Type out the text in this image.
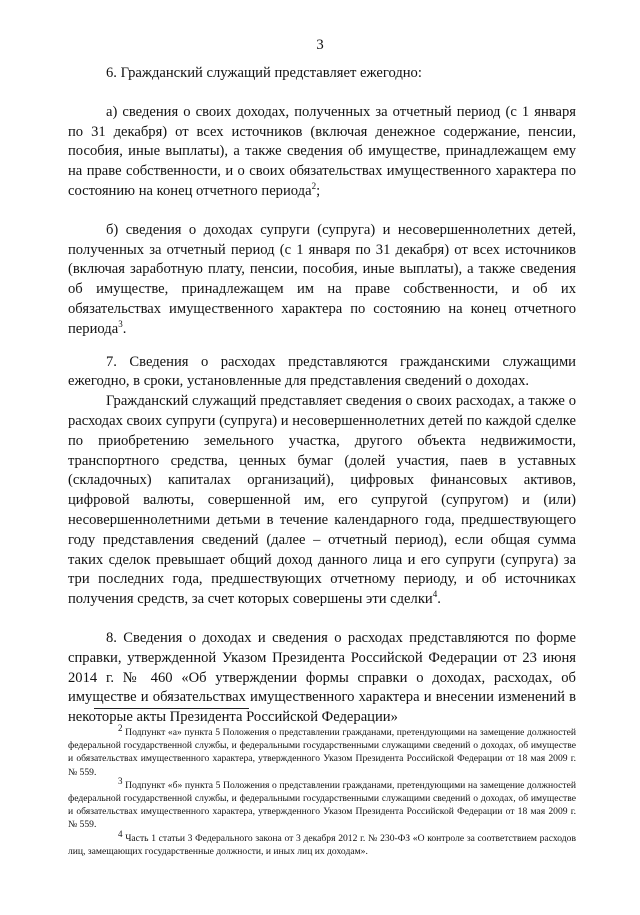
3

6. Гражданский служащий представляет ежегодно:

а) сведения о своих доходах, полученных за отчетный период (с 1 января по 31 декабря) от всех источников (включая денежное содержание, пенсии, пособия, иные выплаты), а также сведения об имуществе, принадлежащем ему на праве собственности, и о своих обязательствах имущественного характера по состоянию на конец отчетного периода$^2$;

б) сведения о доходах супруги (супруга) и несовершеннолетних детей, полученных за отчетный период (с 1 января по 31 декабря) от всех источников (включая заработную плату, пенсии, пособия, иные выплаты), а также сведения об имуществе, принадлежащем им на праве собственности, и об их обязательствах имущественного характера по состоянию на конец отчетного периода$^3$.

7. Сведения о расходах представляются гражданскими служащими ежегодно, в сроки, установленные для представления сведений о доходах.

Гражданский служащий представляет сведения о своих расходах, а также о расходах своих супруги (супруга) и несовершеннолетних детей по каждой сделке по приобретению земельного участка, другого объекта недвижимости, транспортного средства, ценных бумаг (долей участия, паев в уставных (складочных) капиталах организаций), цифровых финансовых активов, цифровой валюты, совершенной им, его супругой (супругом) и (или) несовершеннолетними детьми в течение календарного года, предшествующего году представления сведений (далее – отчетный период), если общая сумма таких сделок превышает общий доход данного лица и его супруги (супруга) за три последних года, предшествующих отчетному периоду, и об источниках получения средств, за счет которых совершены эти сделки$^4$.

8. Сведения о доходах и сведения о расходах представляются по форме справки, утвержденной Указом Президента Российской Федерации от 23 июня 2014 г. № 460 «Об утверждении формы справки о доходах, расходах, об имуществе и обязательствах имущественного характера и внесении изменений в некоторые акты Президента Российской Федерации»

$^2$ Подпункт «а» пункта 5 Положения о представлении гражданами, претендующими на замещение должностей федеральной государственной службы, и федеральными государственными служащими сведений о доходах, об имуществе и обязательствах имущественного характера, утвержденного Указом Президента Российской Федерации от 18 мая 2009 г. № 559.

$^3$ Подпункт «б» пункта 5 Положения о представлении гражданами, претендующими на замещение должностей федеральной государственной службы, и федеральными государственными служащими сведений о доходах, об имуществе и обязательствах имущественного характера, утвержденного Указом Президента Российской Федерации от 18 мая 2009 г. № 559.

$^4$ Часть 1 статьи 3 Федерального закона от 3 декабря 2012 г. № 230-ФЗ «О контроле за соответствием расходов лиц, замещающих государственные должности, и иных лиц их доходам».
